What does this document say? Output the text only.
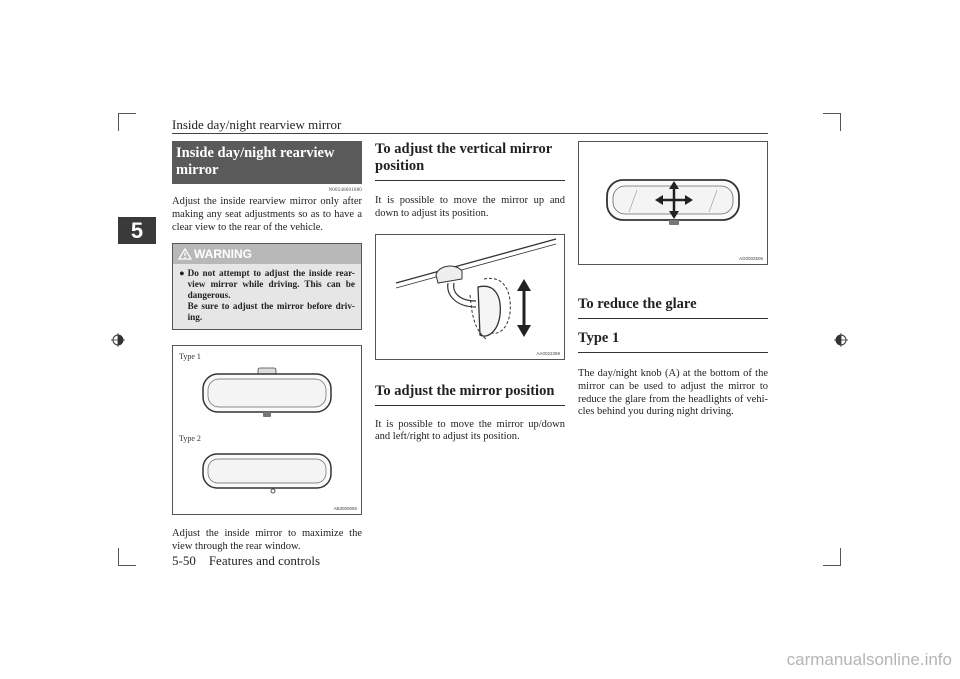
Inside day/night rearview mirror
5
Inside day/night rearview mirror
N00548601080
Adjust the inside rearview mirror only after making any seat adjustments so as to have a clear view to the rear of the vehicle.
WARNING
● Do not attempt to adjust the inside rear-view mirror while driving. This can be dangerous.
Be sure to adjust the mirror before driv-ing.
Type 1
Type 2
AB3000055
Adjust the inside mirror to maximize the view through the rear window.
To adjust the vertical mirror position
It is possible to move the mirror up and down to adjust its position.
AA0022369
To adjust the mirror position
It is possible to move the mirror up/down and left/right to adjust its position.
AG0002506
To reduce the glare
Type 1
The day/night knob (A) at the bottom of the mirror can be used to adjust the mirror to reduce the glare from the headlights of vehi-cles behind you during night driving.
5-50    Features and controls
carmanualsonline.info
